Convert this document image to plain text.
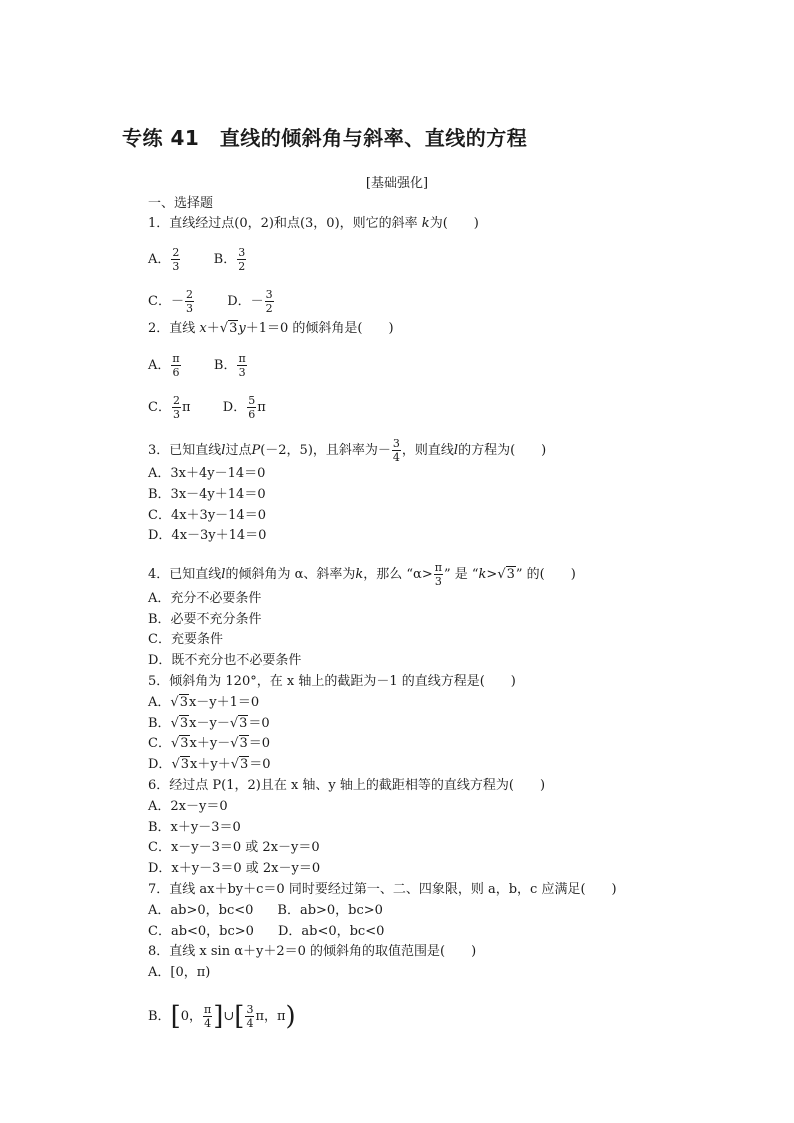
专练 41　直线的倾斜角与斜率、直线的方程
[基础强化]
一、选择题
1．直线经过点(0，2)和点(3，0)，则它的斜率 k为(　　)
A． $\frac{2}{3}$	B． $\frac{3}{2}$
C．－ $\frac{2}{3}$	D．－ $\frac{3}{2}$
2．直线 x＋√3y＋1＝0 的倾斜角是(　　)
A． $\frac{\pi}{6}$	B． $\frac{\pi}{3}$
C． $\frac{2}{3}$ π D． $\frac{5}{6}$ π
3．已知直线l过点P(－2，5)，且斜率为－ $\frac{3}{4}$ ，则直线l的方程为(　　)
A．3x＋4y－14＝0
B．3x－4y＋14＝0
C．4x＋3y－14＝0
D．4x－3y＋14＝0
4．已知直线l的倾斜角为 α、斜率为k，那么 “$\alpha> \frac{\pi}{3}$ ” 是 “k>√3” 的(　　)
A．充分不必要条件
B．必要不充分条件
C．充要条件
D．既不充分也不必要条件
5．倾斜角为 120°，在 x 轴上的截距为－1 的直线方程是(　　)
A．√3x－y＋1＝0
B．√3x－y－√3＝0
C．√3x＋y－√3＝0
D．√3x＋y＋√3＝0
6．经过点 P(1，2)且在 x 轴、y 轴上的截距相等的直线方程为(　　)
A．2x－y＝0
B．x＋y－3＝0
C．x－y－3＝0 或 2x－y＝0
D．x＋y－3＝0 或 2x－y＝0
7．直线 ax＋by＋c＝0 同时要经过第一、二、四象限，则 a，b，c 应满足(　　)
A．ab>0，bc<0 B．ab>0，bc>0
C．ab<0，bc>0 D．ab<0，bc<0
8．直线 x sin α＋y＋2＝0 的倾斜角的取值范围是(　　)
A．[0，π)
B．[0， $\frac{\pi}{4}$ ]∪[ $\frac{3}{4}$ π，π)
